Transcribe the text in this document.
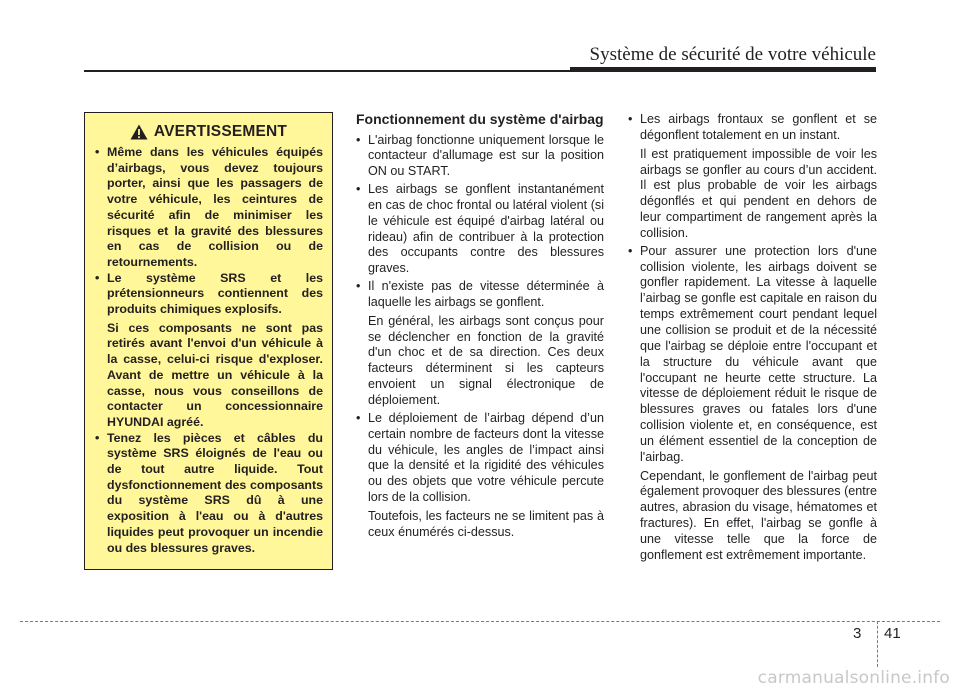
Système de sécurité de votre véhicule
AVERTISSEMENT
• Même dans les véhicules équipés d’airbags, vous devez toujours porter, ainsi que les passagers de votre véhicule, les ceintures de sécurité afin de minimiser les risques et la gravité des blessures en cas de collision ou de retournements.
• Le système SRS et les prétensionneurs contiennent des produits chimiques explosifs.

Si ces composants ne sont pas retirés avant l'envoi d'un véhicule à la casse, celui-ci risque d'exploser. Avant de mettre un véhicule à la casse, nous vous conseillons de contacter un concessionnaire HYUNDAI agréé.

• Tenez les pièces et câbles du système SRS éloignés de l'eau ou de tout autre liquide. Tout dysfonctionnement des composants du système SRS dû à une exposition à l'eau ou à d'autres liquides peut provoquer un incendie ou des blessures graves.
Fonctionnement du système d'airbag
• L'airbag fonctionne uniquement lorsque le contacteur d'allumage est sur la position ON ou START.
• Les airbags se gonflent instantanément en cas de choc frontal ou latéral violent (si le véhicule est équipé d'airbag latéral ou rideau) afin de contribuer à la protection des occupants contre des blessures graves.
• Il n'existe pas de vitesse déterminée à laquelle les airbags se gonflent.

En général, les airbags sont conçus pour se déclencher en fonction de la gravité d'un choc et de sa direction. Ces deux facteurs déterminent si les capteurs envoient un signal électronique de déploiement.

• Le déploiement de l’airbag dépend d’un certain nombre de facteurs dont la vitesse du véhicule, les angles de l’impact ainsi que la densité et la rigidité des véhicules ou des objets que votre véhicule percute lors de la collision.

Toutefois, les facteurs ne se limitent pas à ceux énumérés ci-dessus.

• Les airbags frontaux se gonflent et se dégonflent totalement en un instant.

Il est pratiquement impossible de voir les airbags se gonfler au cours d’un accident. Il est plus probable de voir les airbags dégonflés et qui pendent en dehors de leur compartiment de rangement après la collision.

• Pour assurer une protection lors d'une collision violente, les airbags doivent se gonfler rapidement. La vitesse à laquelle l’airbag se gonfle est capitale en raison du temps extrêmement court pendant lequel une collision se produit et de la nécessité que l'airbag se déploie entre l'occupant et la structure du véhicule avant que l'occupant ne heurte cette structure. La vitesse de déploiement réduit le risque de blessures graves ou fatales lors d'une collision violente et, en conséquence, est un élément essentiel de la conception de l'airbag.

Cependant, le gonflement de l'airbag peut également provoquer des blessures (entre autres, abrasion du visage, hématomes et fractures). En effet, l'airbag se gonfle à une vitesse telle que la force de gonflement est extrêmement importante.

3 41
carmanualsonline.info
